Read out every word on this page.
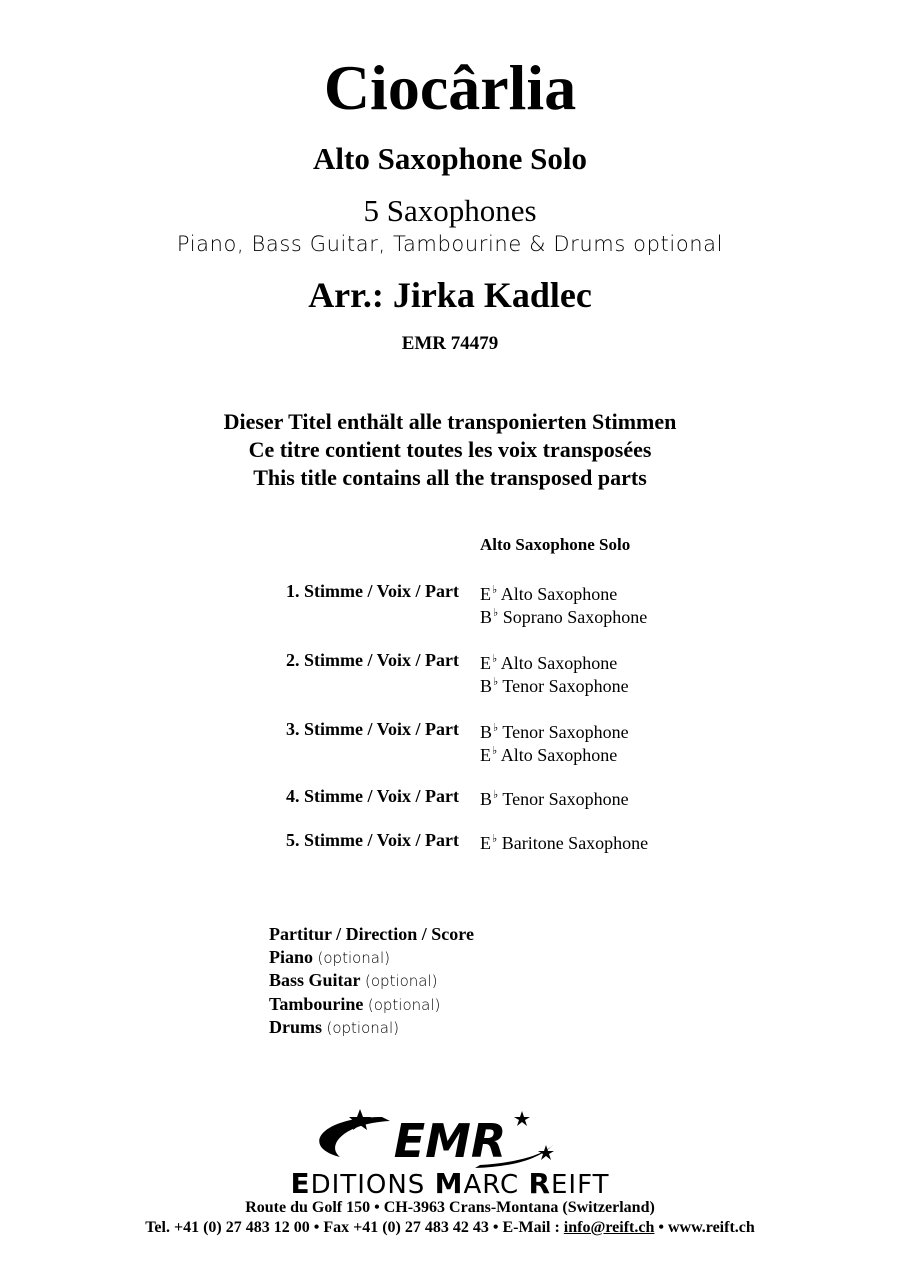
Ciocârlia
Alto Saxophone Solo
5 Saxophones
Piano, Bass Guitar, Tambourine & Drums optional
Arr.: Jirka Kadlec
EMR 74479
Dieser Titel enthält alle transponierten Stimmen
Ce titre contient toutes les voix transposées
This title contains all the transposed parts
Alto Saxophone Solo
1. Stimme / Voix / Part E♭ Alto Saxophone
B♭ Soprano Saxophone
2. Stimme / Voix / Part E♭ Alto Saxophone
B♭ Tenor Saxophone
3. Stimme / Voix / Part B♭ Tenor Saxophone
E♭ Alto Saxophone
4. Stimme / Voix / Part B♭ Tenor Saxophone
5. Stimme / Voix / Part E♭ Baritone Saxophone
Partitur / Direction / Score
Piano (optional)
Bass Guitar (optional)
Tambourine (optional)
Drums (optional)
EMR
EDITIONS MARC REIFT
Route du Golf 150 • CH-3963 Crans-Montana (Switzerland)
Tel. +41 (0) 27 483 12 00 • Fax +41 (0) 27 483 42 43 • E-Mail : info@reift.ch • www.reift.ch
